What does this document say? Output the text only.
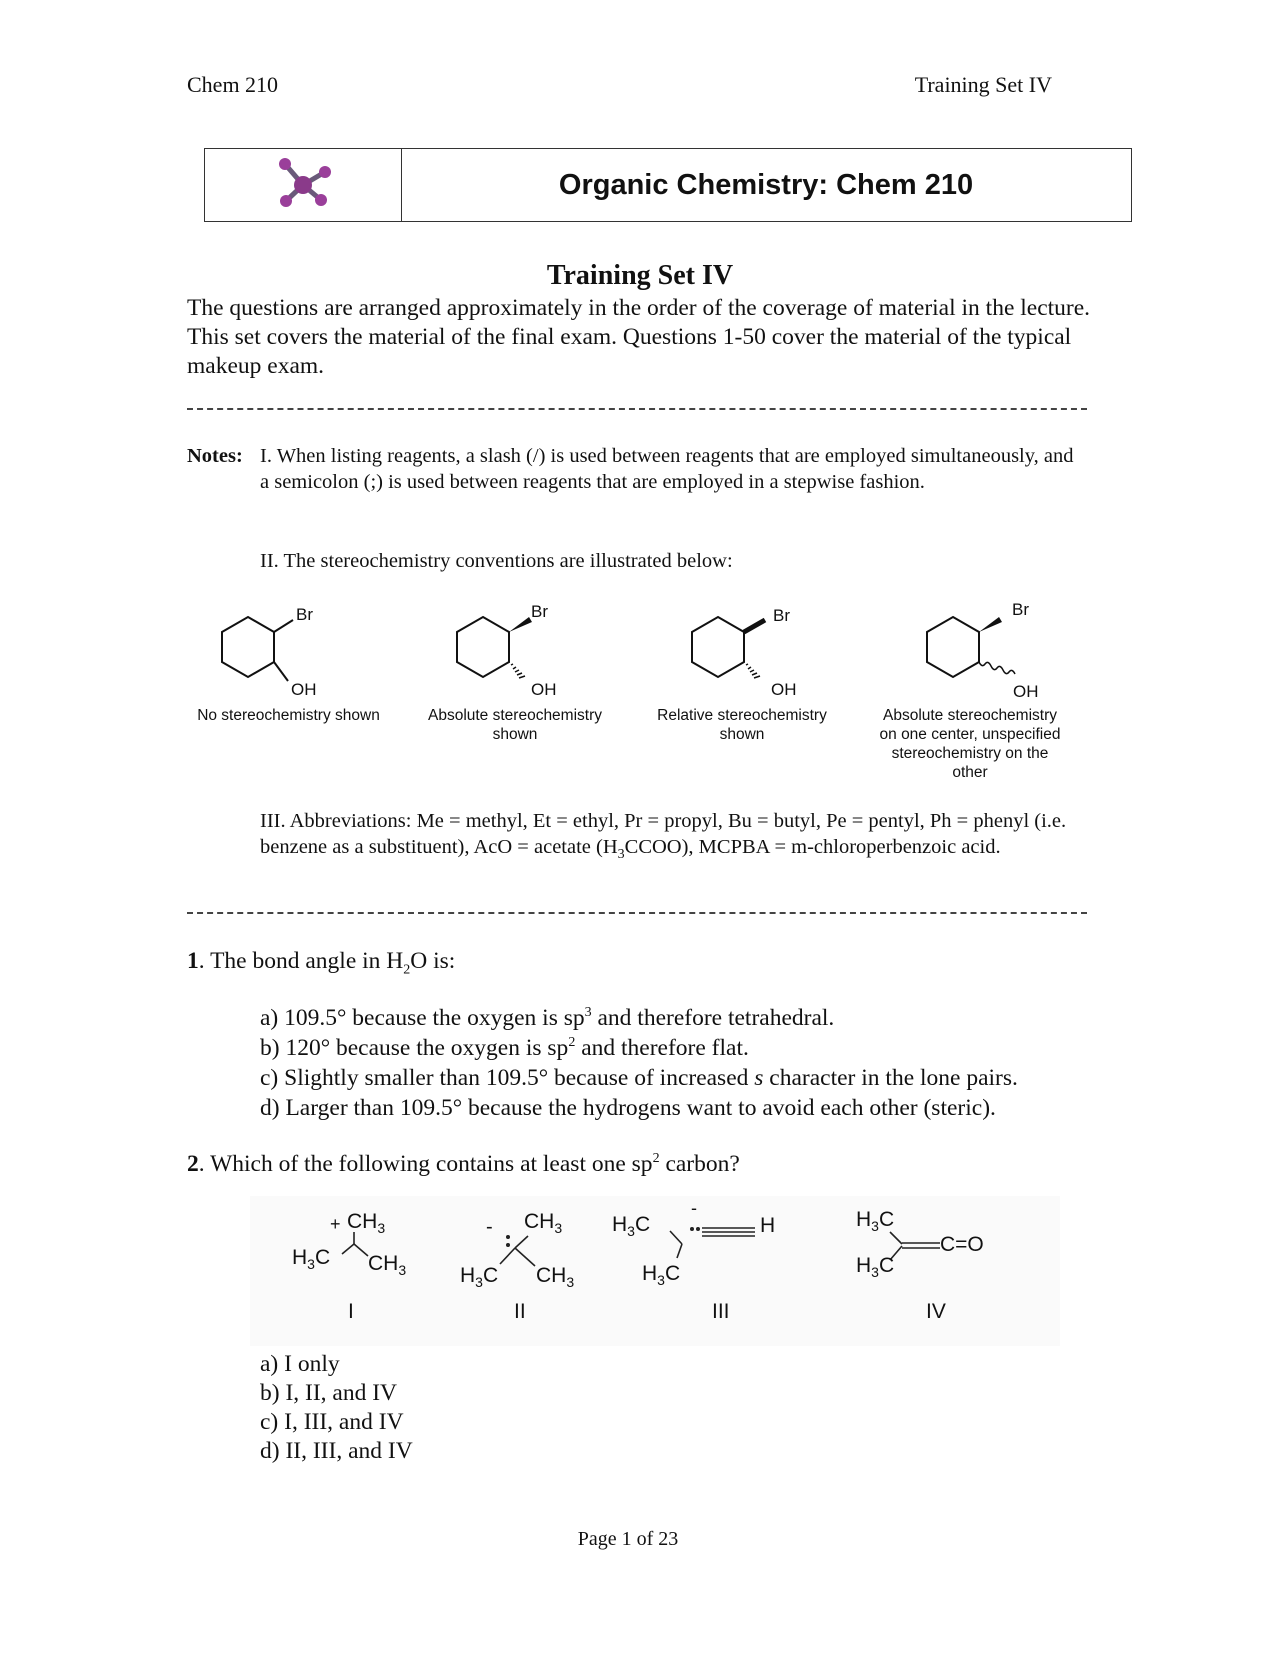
Chem 210	Training Set IV
Organic Chemistry: Chem 210
Training Set IV
The questions are arranged approximately in the order of the coverage of material in the lecture. This set covers the material of the final exam. Questions 1-50 cover the material of the typical makeup exam.
Notes: I. When listing reagents, a slash (/) is used between reagents that are employed simultaneously, and a semicolon (;) is used between reagents that are employed in a stepwise fashion.
II. The stereochemistry conventions are illustrated below:
Br
OH
Br
OH
Br
OH
Br
OH
No stereochemistry shown	Absolute stereochemistry shown
Relative stereochemistry shown
Absolute stereochemistry on one center, unspecified stereochemistry on the other
III. Abbreviations: Me = methyl, Et = ethyl, Pr = propyl, Bu = butyl, Pe = pentyl, Ph = phenyl (i.e. benzene as a substituent), AcO = acetate $(H_3CCOO)$, MCPBA = m-chloroperbenzoic acid.
1. The bond angle in $H_2O$ is:
a) 109.5° because the oxygen is $sp^3$ and therefore tetrahedral.
b) 120° because the oxygen is $sp^2$ and therefore flat.
c) Slightly smaller than 109.5° because of increased s character in the lone pairs.
d) Larger than 109.5° because the hydrogens want to avoid each other (steric).
2. Which of the following contains at least one $sp^2$ carbon?
+ $CH_3$
$H_3C$ $CH_3$
I
- $CH_3$
$H_3C$ $CH_3$
II
$H_3C$
-
H
$H_3C$
III
$H_3C$
$H_3C$
C=O
IV
a) I only
b) I, II, and IV
c) I, III, and IV
d) II, III, and IV
Page 1 of 23
